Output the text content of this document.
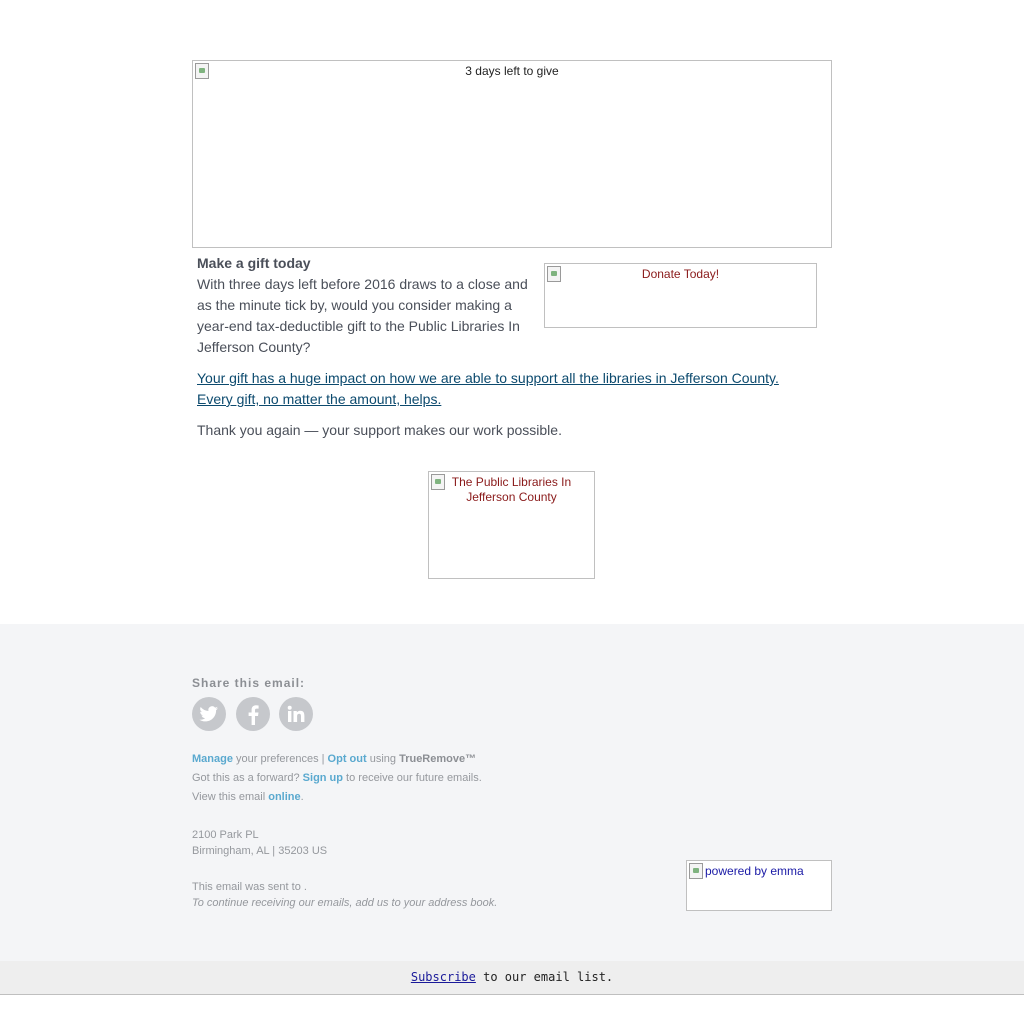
3 days left to give
Make a gift today
With three days left before 2016 draws to a close and as the minute tick by, would you consider making a year-end tax-deductible gift to the Public Libraries In Jefferson County?
Donate Today!
Your gift has a huge impact on how we are able to support all the libraries in Jefferson County. Every gift, no matter the amount, helps.
Thank you again — your support makes our work possible.
The Public Libraries In Jefferson County
Share this email:
Manage your preferences | Opt out using TrueRemove™
Got this as a forward? Sign up to receive our future emails.
View this email online.
2100 Park PL
Birmingham, AL | 35203 US
This email was sent to .
To continue receiving our emails, add us to your address book.
powered by emma
Subscribe to our email list.
